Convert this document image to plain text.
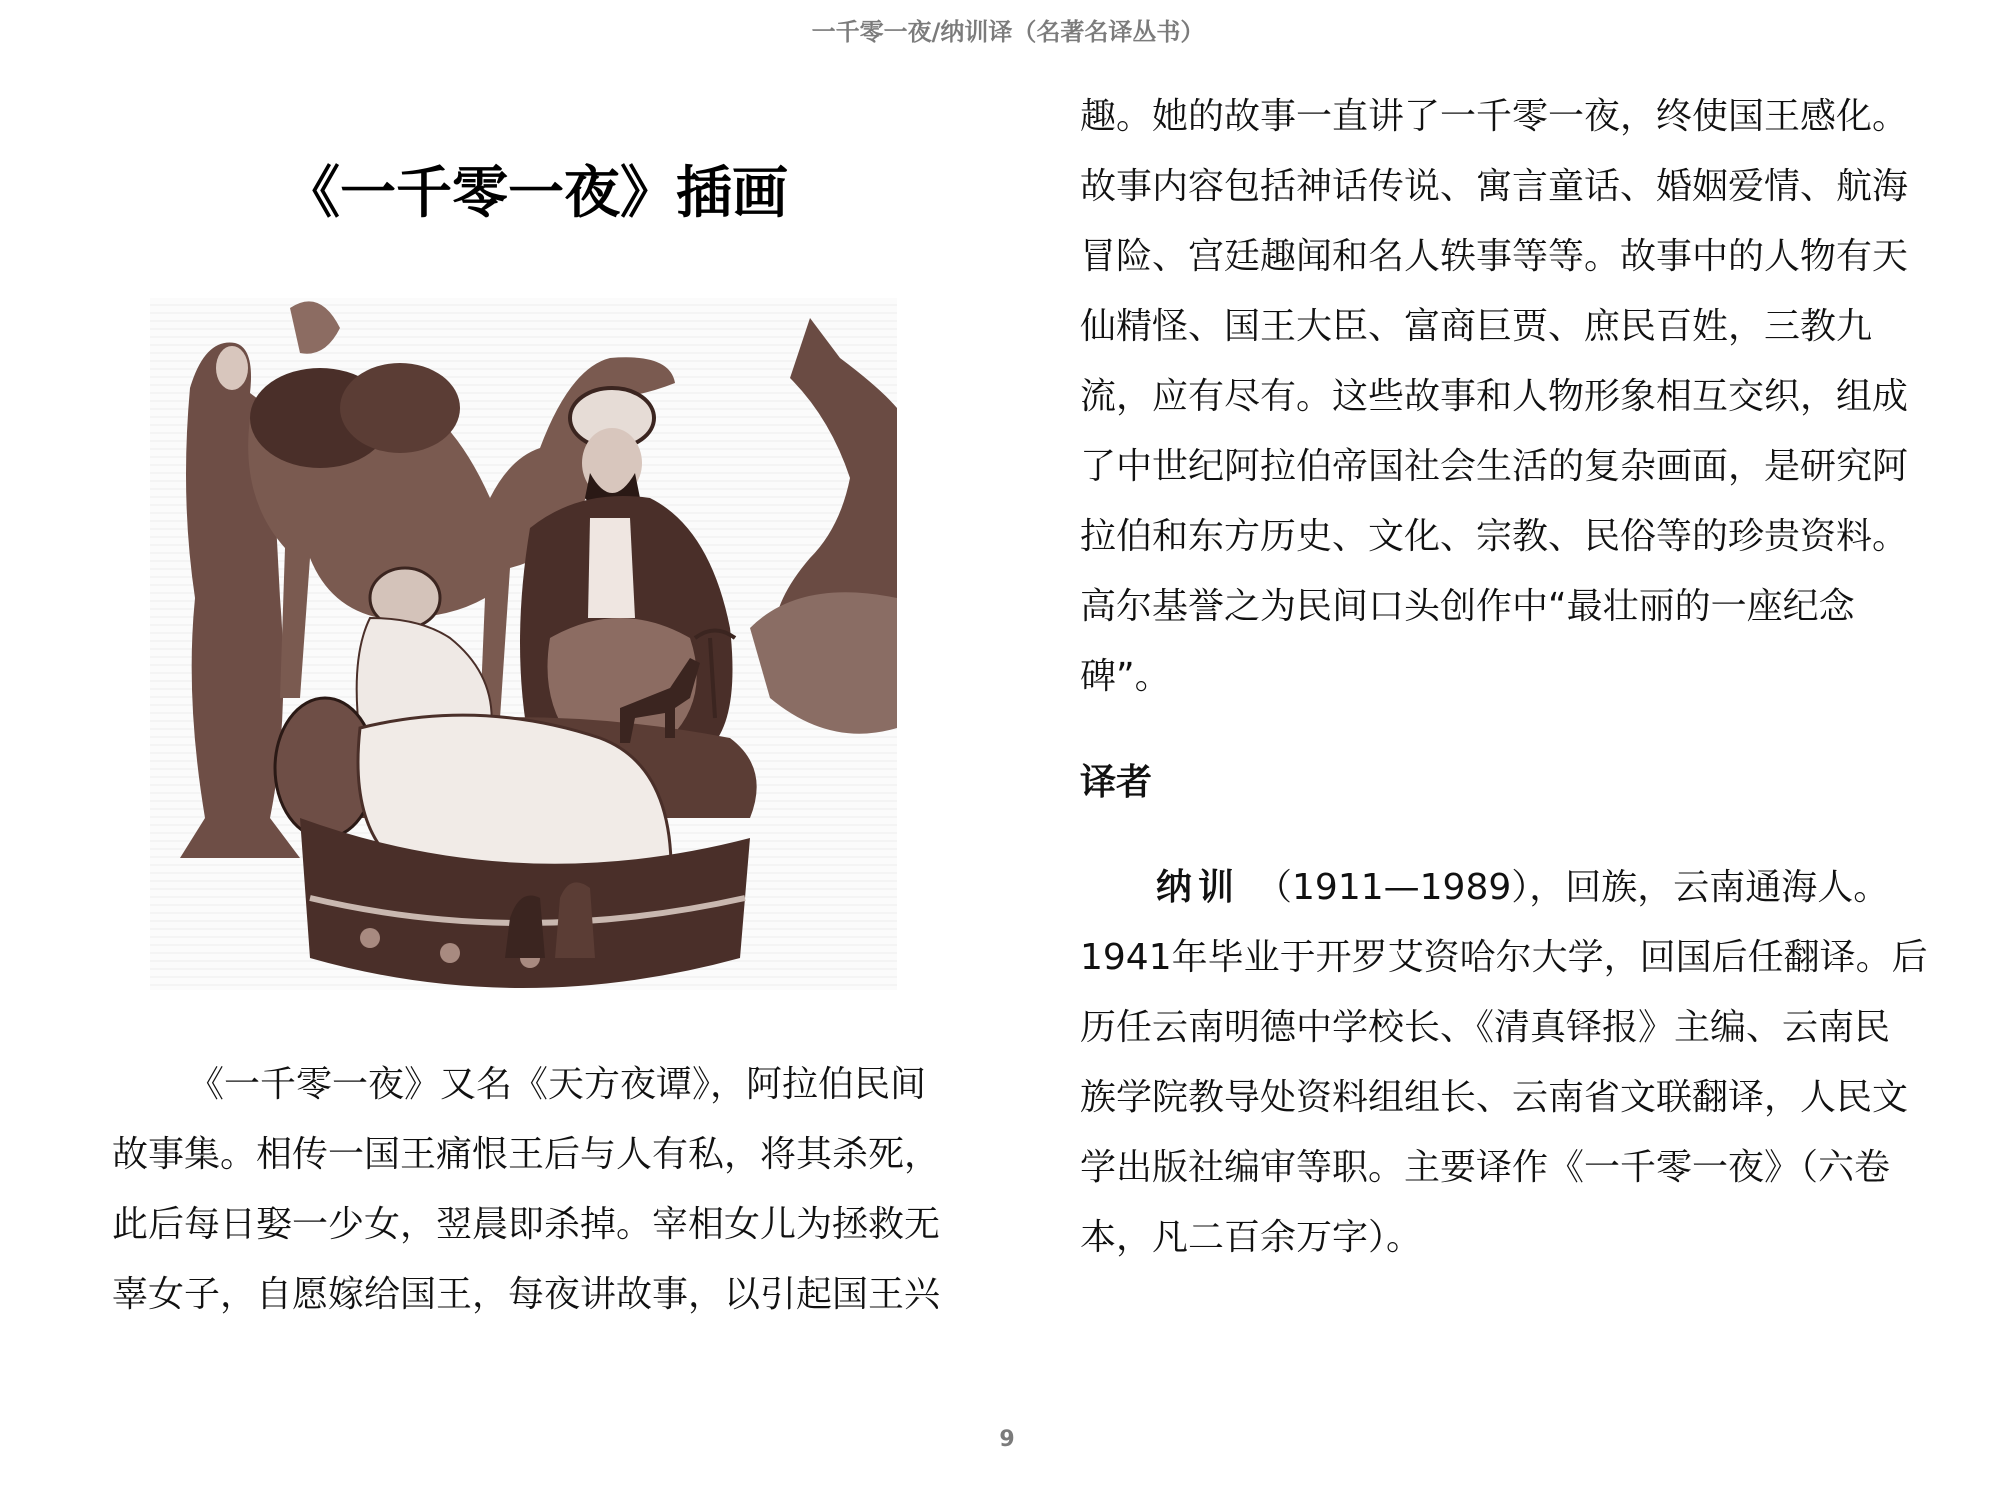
一千零一夜/纳训译（名著名译丛书）
《一千零一夜》插画
《一千零一夜》又名《天方夜谭》，阿拉伯民间
故事集。相传一国王痛恨王后与人有私，将其杀死，
此后每日娶一少女，翌晨即杀掉。宰相女儿为拯救无
辜女子，自愿嫁给国王，每夜讲故事，以引起国王兴
趣。她的故事一直讲了一千零一夜，终使国王感化。
故事内容包括神话传说、寓言童话、婚姻爱情、航海
冒险、宫廷趣闻和名人轶事等等。故事中的人物有天
仙精怪、国王大臣、富商巨贾、庶民百姓，三教九
流，应有尽有。这些故事和人物形象相互交织，组成
了中世纪阿拉伯帝国社会生活的复杂画面，是研究阿
拉伯和东方历史、文化、宗教、民俗等的珍贵资料。
高尔基誉之为民间口头创作中“最壮丽的一座纪念
碑”。
译者
纳训 （1911—1989），回族，云南通海人。
1941年毕业于开罗艾资哈尔大学，回国后任翻译。后
历任云南明德中学校长、《清真铎报》主编、云南民
族学院教导处资料组组长、云南省文联翻译，人民文
学出版社编审等职。主要译作《一千零一夜》（六卷
本，凡二百余万字）。
9
